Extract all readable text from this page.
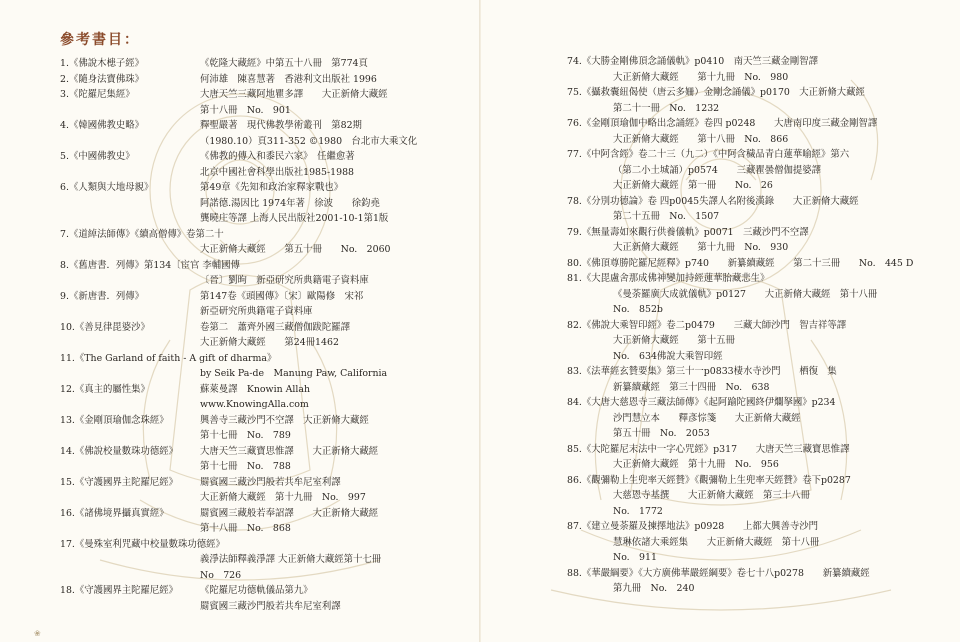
參考書目：
1.《佛說木槵子經》	《乾隆大藏經》中第五十八冊　第774頁
2.《隨身法寶佛珠》	何沛雄　陳喜慧著　香港利文出版社 1996
3.《陀羅尼集經》	大唐天竺三藏阿地瞿多譯　　大正新脩大藏經
第十八冊　No.　901
4.《韓國佛教史略》	釋聖嚴著　現代佛教學術叢刊　第82期
（1980.10）頁311-352 ©1980　台北市大乘文化
5.《中國佛教史》	《佛教的傳入和黍民六家》　任繼愈著
北京中國社會科學出版社1985-1988
6.《人類與大地母親》	第49章《先知和政治家釋家戰也》
阿諾德.湯因比 1974年著　徐波　　徐鈞堯
龔曉庄等譯 上海人民出版社2001-10-1第1版
7.《道綽法師傳》《續高僧傳》卷第二十
大正新脩大藏經　　第五十冊　　No.　2060
8.《舊唐書．列傳》第134〔宦官 李輔國傳
〔晉〕劉昫　新亞研究所典籍電子資料庫
9.《新唐書．列傳》	第147卷《頭國傳》〔宋〕歐陽修　宋祁
新亞研究所典籍電子資料庫
10.《善見律毘婆沙》	卷第二　蕭齊外國三藏僧伽跋陀羅譯
大正新脩大藏經　　第24冊1462
11.《The Garland of faith - A gift of dharma》
by Seik Pa-de　Manung Paw, California
12.《真主的屬性集》	蘇萊曼譯　Knowin Allah
www.KnowingAlla.com
13.《金剛頂瑜伽念珠經》	興善寺三藏沙門不空譯　大正新脩大藏經
第十七冊　No.　789
14.《佛說校量數珠功德經》 大唐天竺三藏寶思惟譯　　大正新脩大藏經
第十七冊　No.　788
15.《守護國界主陀羅尼經》 罽賓國三藏沙門般若共牟尼室利譯
大正新脩大藏經　第十九冊　No.　997
16.《諸佛境界攝真實經》	罽賓國三藏般若奉詔譯　　大正新脩大藏經
第十八冊　No.　868
17.《曼殊室利咒藏中校量數珠功德經》
義淨法師釋義淨譯 大正新脩大藏經第十七冊
No　726
18.《守護國界主陀羅尼經》 《陀羅尼功德軌儀品第九》
罽賓國三藏沙門般若共牟尼室利譯
❀
74.《大勝金剛佛頂念誦儀軌》p0410　南天竺三藏金剛智譯
大正新脩大藏經　　第十九冊　No.　980
75.《攝救囊紐偈使（唐云多姍）金剛念誦儀》p0170　大正新脩大藏經
第二十一冊　No.　1232
76.《金剛頂瑜伽中略出念誦經》卷四 p0248　　大唐南印度三藏金剛智譯
大正新脩大藏經　　第十八冊　No.　866
77.《中阿含經》卷二十三（九二）《中阿含穢品青白蓮華喻經》第六
（第二小土城誦）p0574　　三藏瞿曇僧伽提婆譯
大正新脩大藏經　第一冊　　No.　26
78.《分別功德論》卷 四p0045失譯人名附後漢錄　　大正新脩大藏經
第二十五冊　No.　1507
79.《無量壽如來觀行供養儀軌》p0071　三藏沙門不空譯
大正新脩大藏經　　第十九冊　No.　930
80.《佛頂尊勝陀羅尼經釋》p740　　新纂續藏經　　第二十三冊　　No.　445 D
81.《大毘盧舍那成佛神變加持經蓮華胎藏悲生》
《曼荼羅廣大成就儀軌》p0127　　大正新脩大藏經　第十八冊
No.　852b
82.《佛說大乘智印經》卷二p0479　　三藏大師沙門　智吉祥等譯
大正新脩大藏經　　第十五冊
No.　634佛說大乘智印經
83.《法華經玄贊要集》第三十一p0833棲水寺沙門　　栖復　集
新纂續藏經　第三十四冊　No.　638
84.《大唐大慈恩寺三藏法師傳》《起阿踰陀國終伊爛拏國》p234
沙門慧立本　　釋彥悰箋　　大正新脩大藏經
第五十冊　No.　2053
85.《大陀羅尼末法中一字心咒經》p317　　大唐天竺三藏寶思惟譯
大正新脩大藏經　第十九冊　No.　956
86.《觀彌勒上生兜率天經贊》《觀彌勒上生兜率天經贊》卷下p0287
大慈恩寺基撰　　大正新脩大藏經　第三十八冊
No.　1772
87.《建立曼荼羅及揀擇地法》p0928　　上都大興善寺沙門
慧琳依諸大乘經集　　大正新脩大藏經　第十八冊
No.　911
88.《華嚴綱要》《大方廣佛華嚴經綱要》卷七十八p0278　　新纂續藏經
第九冊　No.　240
